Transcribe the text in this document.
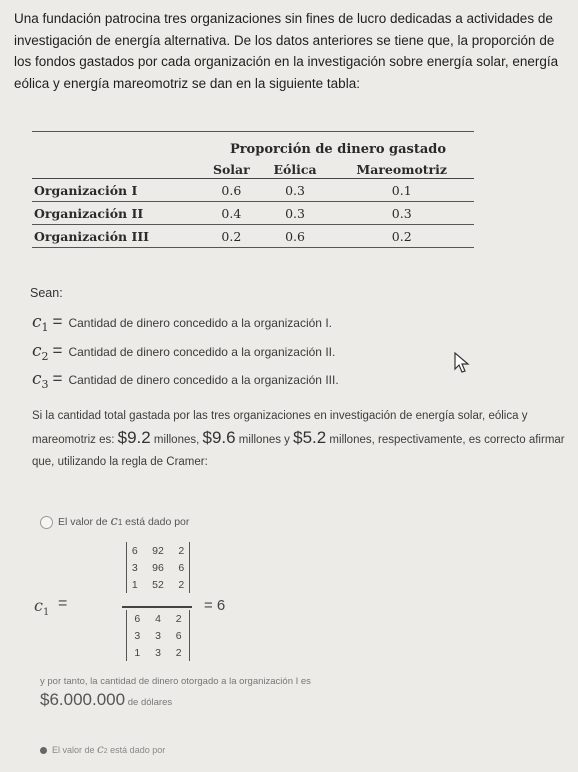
Una fundación patrocina tres organizaciones sin fines de lucro dedicadas a actividades de investigación de energía alternativa. De los datos anteriores se tiene que, la proporción de los fondos gastados por cada organización en la investigación sobre energía solar, energía eólica y energía mareomotriz se dan en la siguiente tabla:
	Proporción de dinero gastado		
	Solar	Eólica	Mareomotriz
Organización I	0.6	0.3	0.1
Organización II	0.4	0.3	0.3
Organización III	0.2	0.6	0.2
Sean:
$c_1$ = Cantidad de dinero concedido a la organización I.
$c_2$ = Cantidad de dinero concedido a la organización II.
$c_3$ = Cantidad de dinero concedido a la organización III.
Si la cantidad total gastada por las tres organizaciones en investigación de energía solar, eólica y mareomotriz es: $9.2 millones, $9.6 millones y $5.2 millones, respectivamente, es correcto afirmar que, utilizando la regla de Cramer:
El valor de c1 está dado por
$c_1$
=
6	92	2
3	96	6
1	52	2
6	4	2
3	3	6
1	3	2
= 6
y por tanto, la cantidad de dinero otorgado a la organización I es
$6.000.000 de dólares
El valor de c2 está dado por
